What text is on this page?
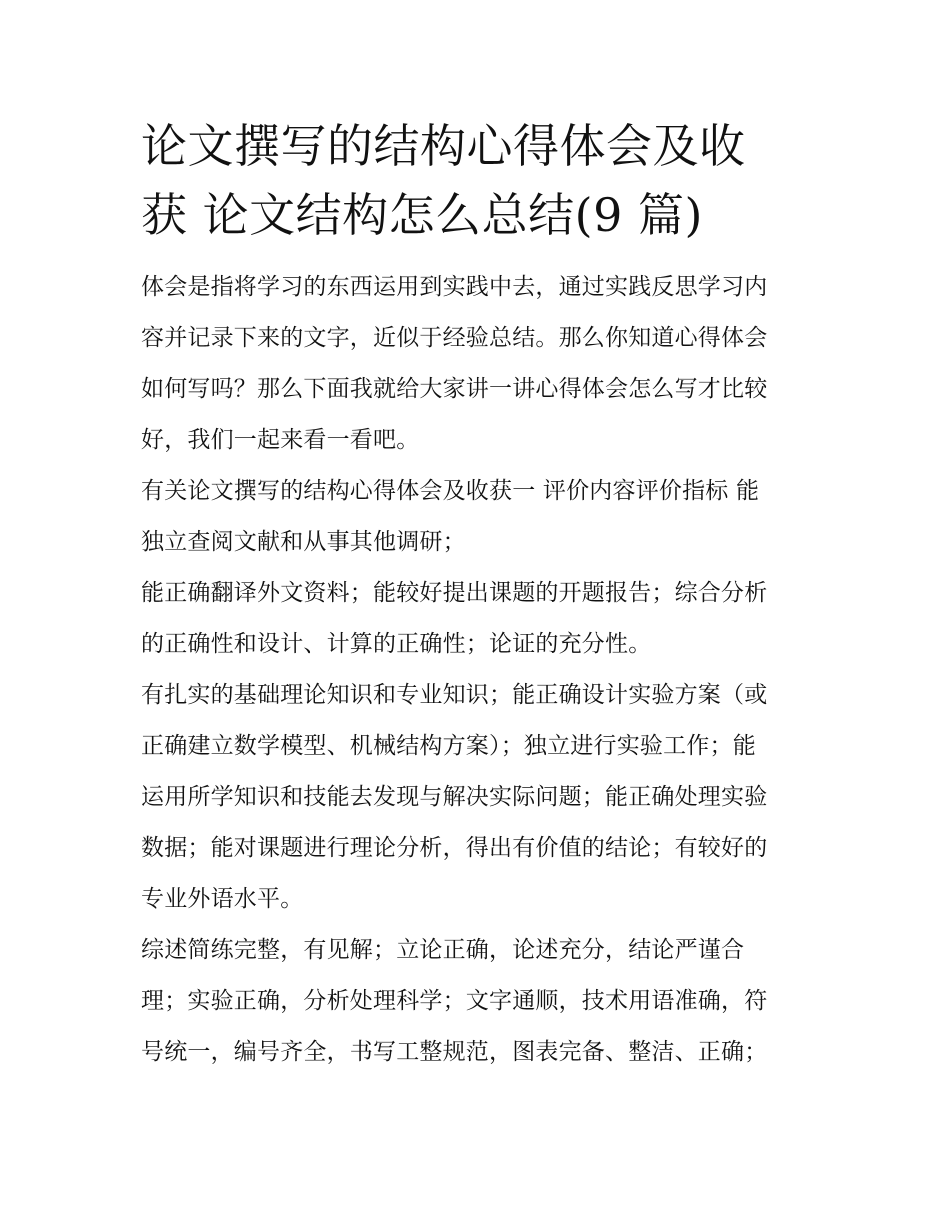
论文撰写的结构心得体会及收
获 论文结构怎么总结(9 篇)

体会是指将学习的东西运用到实践中去，通过实践反思学习内
容并记录下来的文字，近似于经验总结。那么你知道心得体会
如何写吗？那么下面我就给大家讲一讲心得体会怎么写才比较
好，我们一起来看一看吧。

有关论文撰写的结构心得体会及收获一 评价内容评价指标 能
独立查阅文献和从事其他调研；

能正确翻译外文资料；能较好提出课题的开题报告；综合分析
的正确性和设计、计算的正确性；论证的充分性。

有扎实的基础理论知识和专业知识；能正确设计实验方案（或
正确建立数学模型、机械结构方案）；独立进行实验工作；能
运用所学知识和技能去发现与解决实际问题；能正确处理实验
数据；能对课题进行理论分析，得出有价值的结论；有较好的
专业外语水平。

综述简练完整，有见解；立论正确，论述充分，结论严谨合
理；实验正确，分析处理科学；文字通顺，技术用语准确，符
号统一，编号齐全，书写工整规范，图表完备、整洁、正确；
